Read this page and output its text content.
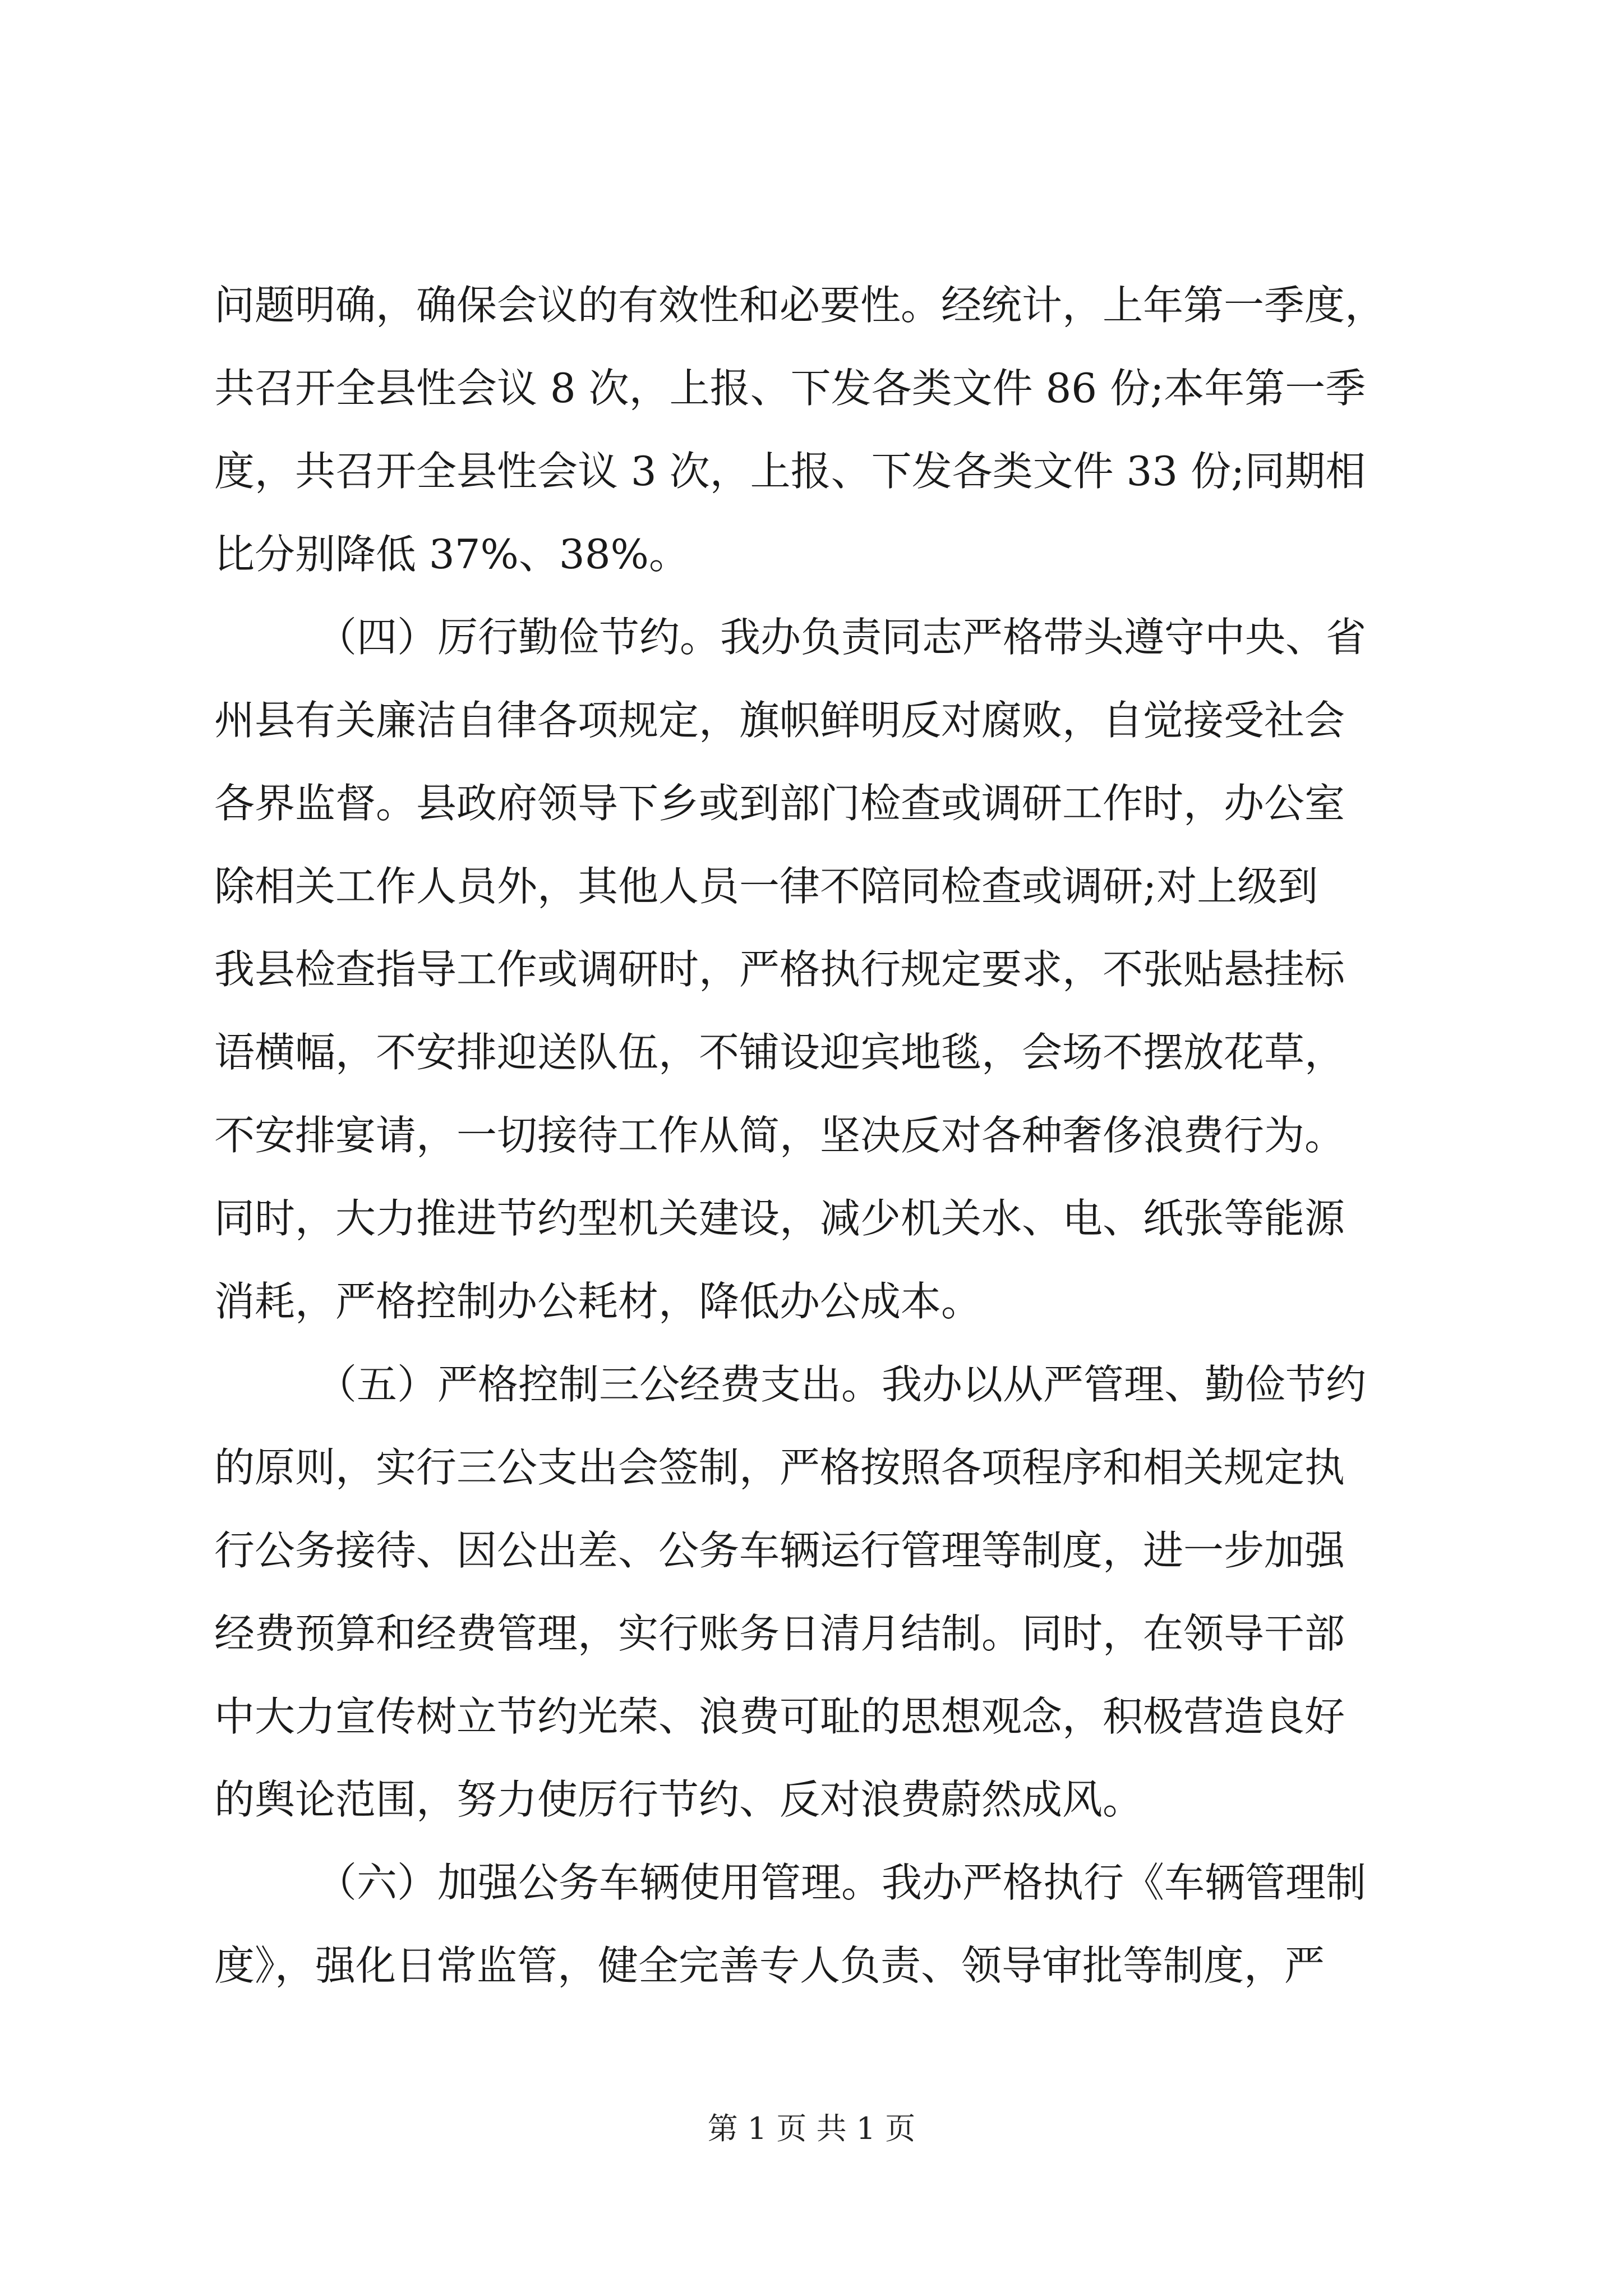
问题明确，确保会议的有效性和必要性。经统计，上年第一季度，
共召开全县性会议 8 次，上报、下发各类文件 86 份;本年第一季
度，共召开全县性会议 3 次，上报、下发各类文件 33 份;同期相
比分别降低 37%、38%。
（四）厉行勤俭节约。我办负责同志严格带头遵守中央、省
州县有关廉洁自律各项规定，旗帜鲜明反对腐败，自觉接受社会
各界监督。县政府领导下乡或到部门检查或调研工作时，办公室
除相关工作人员外，其他人员一律不陪同检查或调研;对上级到
我县检查指导工作或调研时，严格执行规定要求，不张贴悬挂标
语横幅，不安排迎送队伍，不铺设迎宾地毯，会场不摆放花草，
不安排宴请，一切接待工作从简，坚决反对各种奢侈浪费行为。
同时，大力推进节约型机关建设，减少机关水、电、纸张等能源
消耗，严格控制办公耗材，降低办公成本。
（五）严格控制三公经费支出。我办以从严管理、勤俭节约
的原则，实行三公支出会签制，严格按照各项程序和相关规定执
行公务接待、因公出差、公务车辆运行管理等制度，进一步加强
经费预算和经费管理，实行账务日清月结制。同时，在领导干部
中大力宣传树立节约光荣、浪费可耻的思想观念，积极营造良好
的舆论范围，努力使厉行节约、反对浪费蔚然成风。
（六）加强公务车辆使用管理。我办严格执行《车辆管理制
度》，强化日常监管，健全完善专人负责、领导审批等制度，严
第 1 页 共 1 页
